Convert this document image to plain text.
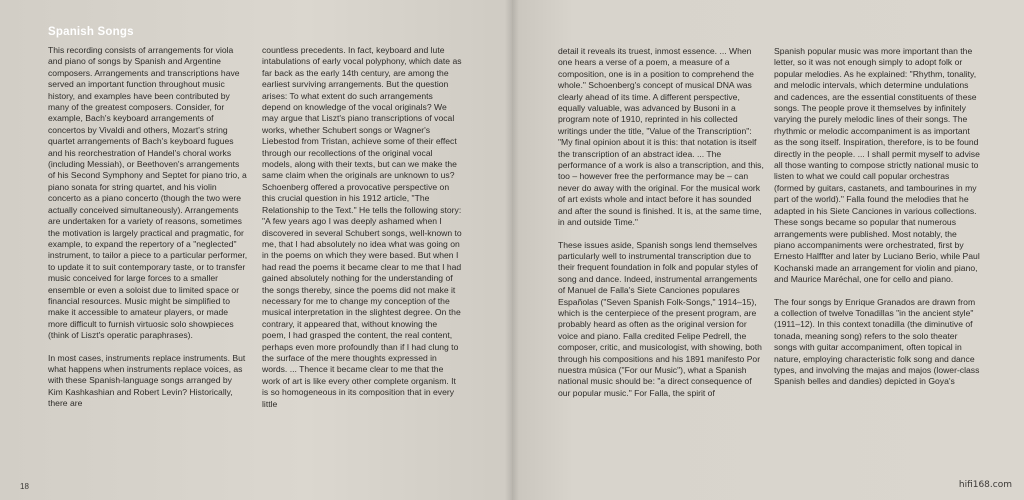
Spanish Songs

This recording consists of arrangements for viola and piano of songs by Spanish and Argentine composers. Arrangements and transcriptions have served an important function throughout music history, and examples have been contributed by many of the greatest composers. Consider, for example, Bach's keyboard arrangements of concertos by Vivaldi and others, Mozart's string quartet arrangements of Bach's keyboard fugues and his reorchestration of Handel's choral works (including Messiah), or Beethoven's arrangements of his Second Symphony and Septet for piano trio, a piano sonata for string quartet, and his violin concerto as a piano concerto (though the two were actually conceived simultaneously). Arrangements are undertaken for a variety of reasons, sometimes the motivation is largely practical and pragmatic, for example, to expand the repertory of a "neglected" instrument, to tailor a piece to a particular performer, to update it to suit contemporary taste, or to transfer music conceived for large forces to a smaller ensemble or even a soloist due to limited space or financial resources. Music might be simplified to make it accessible to amateur players, or made more difficult to furnish virtuosic solo showpieces (think of Liszt's operatic paraphrases).

In most cases, instruments replace instruments. But what happens when instruments replace voices, as with these Spanish-language songs arranged by Kim Kashkashian and Robert Levin? Historically, there are

countless precedents. In fact, keyboard and lute intabulations of early vocal polyphony, which date as far back as the early 14th century, are among the earliest surviving arrangements. But the question arises: To what extent do such arrangements depend on knowledge of the vocal originals? We may argue that Liszt's piano transcriptions of vocal works, whether Schubert songs or Wagner's Liebestod from Tristan, achieve some of their effect through our recollections of the original vocal models, along with their texts, but can we make the same claim when the originals are unknown to us? Schoenberg offered a provocative perspective on this crucial question in his 1912 article, "The Relationship to the Text." He tells the following story: "A few years ago I was deeply ashamed when I discovered in several Schubert songs, well-known to me, that I had absolutely no idea what was going on in the poems on which they were based. But when I had read the poems it became clear to me that I had gained absolutely nothing for the understanding of the songs thereby, since the poems did not make it necessary for me to change my conception of the musical interpretation in the slightest degree. On the contrary, it appeared that, without knowing the poem, I had grasped the content, the real content, perhaps even more profoundly than if I had clung to the surface of the mere thoughts expressed in words. ... Thence it became clear to me that the work of art is like every other complete organism. It is so homogeneous in its composition that in every little

18

detail it reveals its truest, inmost essence. ... When one hears a verse of a poem, a measure of a composition, one is in a position to comprehend the whole." Schoenberg's concept of musical DNA was clearly ahead of its time. A different perspective, equally valuable, was advanced by Busoni in a program note of 1910, reprinted in his collected writings under the title, "Value of the Transcription": "My final opinion about it is this: that notation is itself the transcription of an abstract idea. ... The performance of a work is also a transcription, and this, too – however free the performance may be – can never do away with the original. For the musical work of art exists whole and intact before it has sounded and after the sound is finished. It is, at the same time, in and outside Time."

These issues aside, Spanish songs lend themselves particularly well to instrumental transcription due to their frequent foundation in folk and popular styles of song and dance. Indeed, instrumental arrangements of Manuel de Falla's Siete Canciones populares Españolas ("Seven Spanish Folk-Songs," 1914–15), which is the centerpiece of the present program, are probably heard as often as the original version for voice and piano. Falla credited Felipe Pedrell, the composer, critic, and musicologist, with showing, both through his compositions and his 1891 manifesto Por nuestra música ("For our Music"), what a Spanish national music should be: "a direct consequence of our popular music." For Falla, the spirit of

Spanish popular music was more important than the letter, so it was not enough simply to adopt folk or popular melodies. As he explained: "Rhythm, tonality, and melodic intervals, which determine undulations and cadences, are the essential constituents of these songs. The people prove it themselves by infinitely varying the purely melodic lines of their songs. The rhythmic or melodic accompaniment is as important as the song itself. Inspiration, therefore, is to be found directly in the people. ... I shall permit myself to advise all those wanting to compose strictly national music to listen to what we could call popular orchestras (formed by guitars, castanets, and tambourines in my part of the world)." Falla found the melodies that he adapted in his Siete Canciones in various collections. These songs became so popular that numerous arrangements were published. Most notably, the piano accompaniments were orchestrated, first by Ernesto Halffter and later by Luciano Berio, while Paul Kochanski made an arrangement for violin and piano, and Maurice Maréchal, one for cello and piano.

The four songs by Enrique Granados are drawn from a collection of twelve Tonadillas "in the ancient style" (1911–12). In this context tonadilla (the diminutive of tonada, meaning song) refers to the solo theater songs with guitar accompaniment, often topical in nature, employing characteristic folk song and dance types, and involving the majas and majos (lower-class Spanish belles and dandies) depicted in Goya's

hifi168.com
